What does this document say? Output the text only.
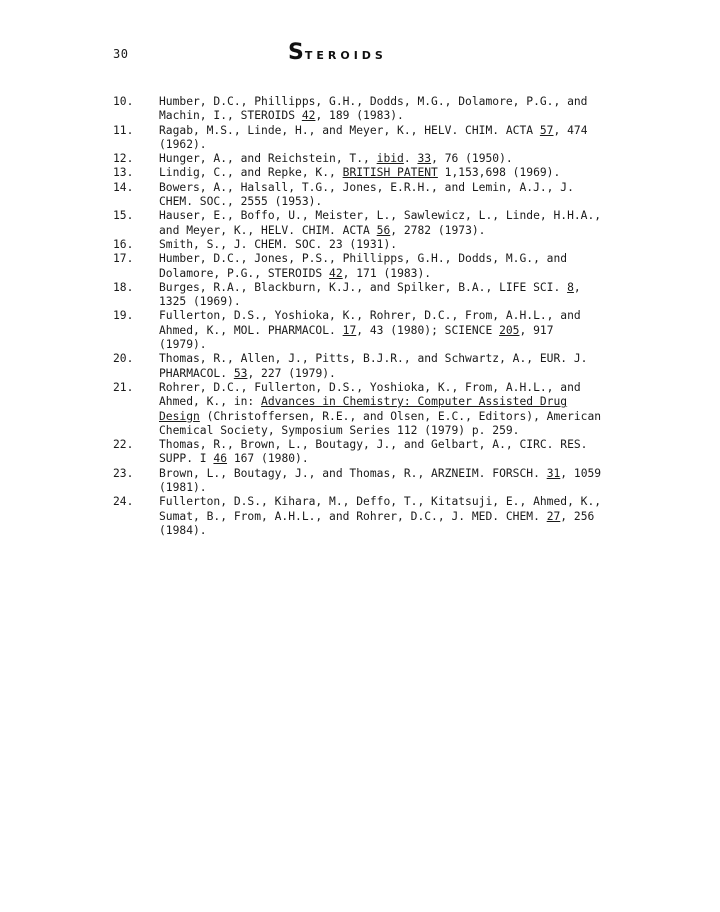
30	STEROIDS
10.	Humber, D.C., Phillipps, G.H., Dodds, M.G., Dolamore, P.G., and
Machin, I., STEROIDS 42, 189 (1983).
11.	Ragab, M.S., Linde, H., and Meyer, K., HELV. CHIM. ACTA 57, 474
(1962).
12.	Hunger, A., and Reichstein, T., ibid. 33, 76 (1950).
13.	Lindig, C., and Repke, K., BRITISH PATENT 1,153,698 (1969).
14.	Bowers, A., Halsall, T.G., Jones, E.R.H., and Lemin, A.J., J.
CHEM. SOC., 2555 (1953).
15.	Hauser, E., Boffo, U., Meister, L., Sawlewicz, L., Linde, H.H.A.,
and Meyer, K., HELV. CHIM. ACTA 56, 2782 (1973).
16.	Smith, S., J. CHEM. SOC. 23 (1931).
17.	Humber, D.C., Jones, P.S., Phillipps, G.H., Dodds, M.G., and
Dolamore, P.G., STEROIDS 42, 171 (1983).
18.	Burges, R.A., Blackburn, K.J., and Spilker, B.A., LIFE SCI. 8,
1325 (1969).
19.	Fullerton, D.S., Yoshioka, K., Rohrer, D.C., From, A.H.L., and
Ahmed, K., MOL. PHARMACOL. 17, 43 (1980); SCIENCE 205, 917
(1979).
20.	Thomas, R., Allen, J., Pitts, B.J.R., and Schwartz, A., EUR. J.
PHARMACOL. 53, 227 (1979).
21.	Rohrer, D.C., Fullerton, D.S., Yoshioka, K., From, A.H.L., and
Ahmed, K., in: Advances in Chemistry: Computer Assisted Drug
Design (Christoffersen, R.E., and Olsen, E.C., Editors), American
Chemical Society, Symposium Series 112 (1979) p. 259.
22.	Thomas, R., Brown, L., Boutagy, J., and Gelbart, A., CIRC. RES.
SUPP. I 46 167 (1980).
23.	Brown, L., Boutagy, J., and Thomas, R., ARZNEIM. FORSCH. 31, 1059
(1981).
24.	Fullerton, D.S., Kihara, M., Deffo, T., Kitatsuji, E., Ahmed, K.,
Sumat, B., From, A.H.L., and Rohrer, D.C., J. MED. CHEM. 27, 256
(1984).
